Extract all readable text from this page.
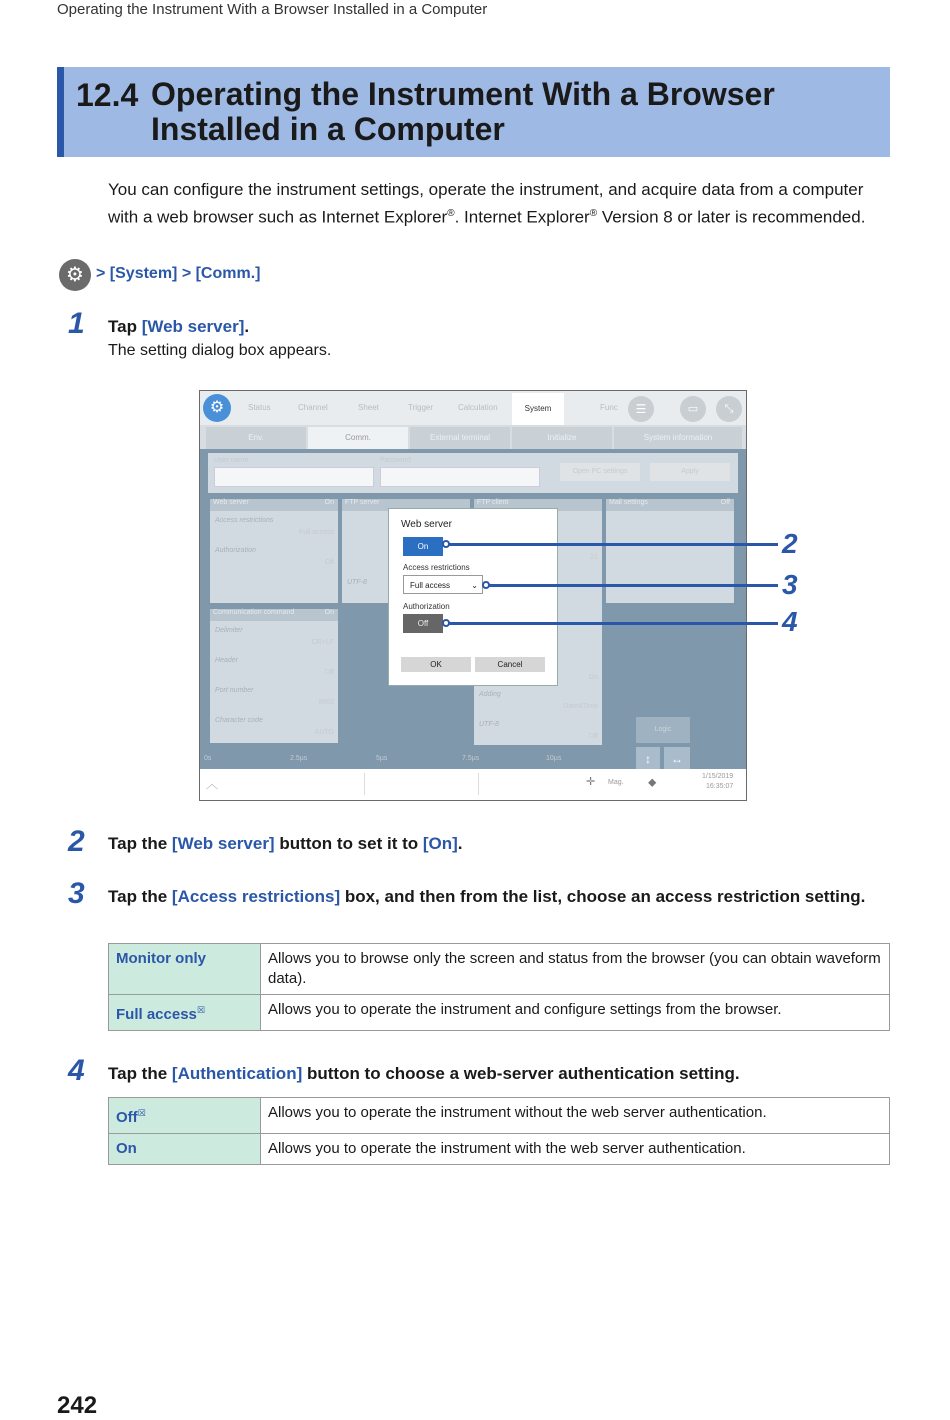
Operating the Instrument With a Browser Installed in a Computer
12.4 Operating the Instrument With a Browser Installed in a Computer
You can configure the instrument settings, operate the instrument, and acquire data from a computer with a web browser such as Internet Explorer®. Internet Explorer® Version 8 or later is recommended.
⚙ > [System] > [Comm.]
1 Tap [Web server].
The setting dialog box appears.
⚙	Status	Channel	Sheet	Trigger	Calculation	System	Func	☰	▭	⤡
Env.	Comm.	External terminal	Initialize	System information
User name	Password
Open PC settings	Apply
Web server	On
Access restrictions
Full access
Authorization
Off
FTP server
UTF-8
FTP client
21
On
Adding
Date&Time
UTF-8
Off
Mail settings	Off
Communication command	On
Delimiter
CR+LF
Header
Off
Port number
8802
Character code
AUTO	Logic
↕	↔
0s	2.5µs	5µs	7.5µs	10µs
Web server
On
Access restrictions
Full access	⌄
Authorization
Off
OK	Cancel
︿	✛ Mag. ⬥	1/15/2019
16:35:07
2
3
4
2 Tap the [Web server] button to set it to [On].
3 Tap the [Access restrictions] box, and then from the list, choose an access restriction setting.
Monitor only	Allows you to browse only the screen and status from the browser (you can obtain waveform data).
Full access☒	Allows you to operate the instrument and configure settings from the browser.
4 Tap the [Authentication] button to choose a web-server authentication setting.
Off☒	Allows you to operate the instrument without the web server authentication.
On	Allows you to operate the instrument with the web server authentication.
242
